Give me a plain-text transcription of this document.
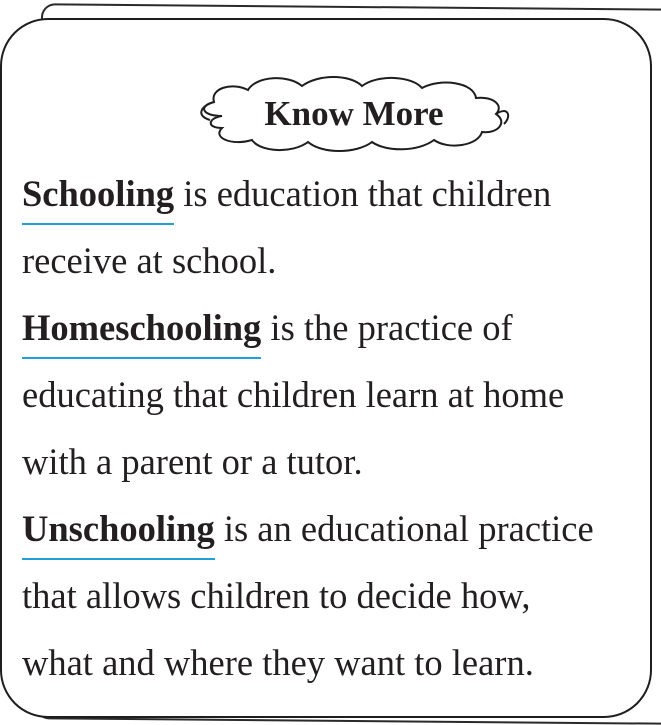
Know More
Schooling is education that children
receive at school.
Homeschooling is the practice of
educating that children learn at home
with a parent or a tutor.
Unschooling is an educational practice
that allows children to decide how,
what and where they want to learn.
